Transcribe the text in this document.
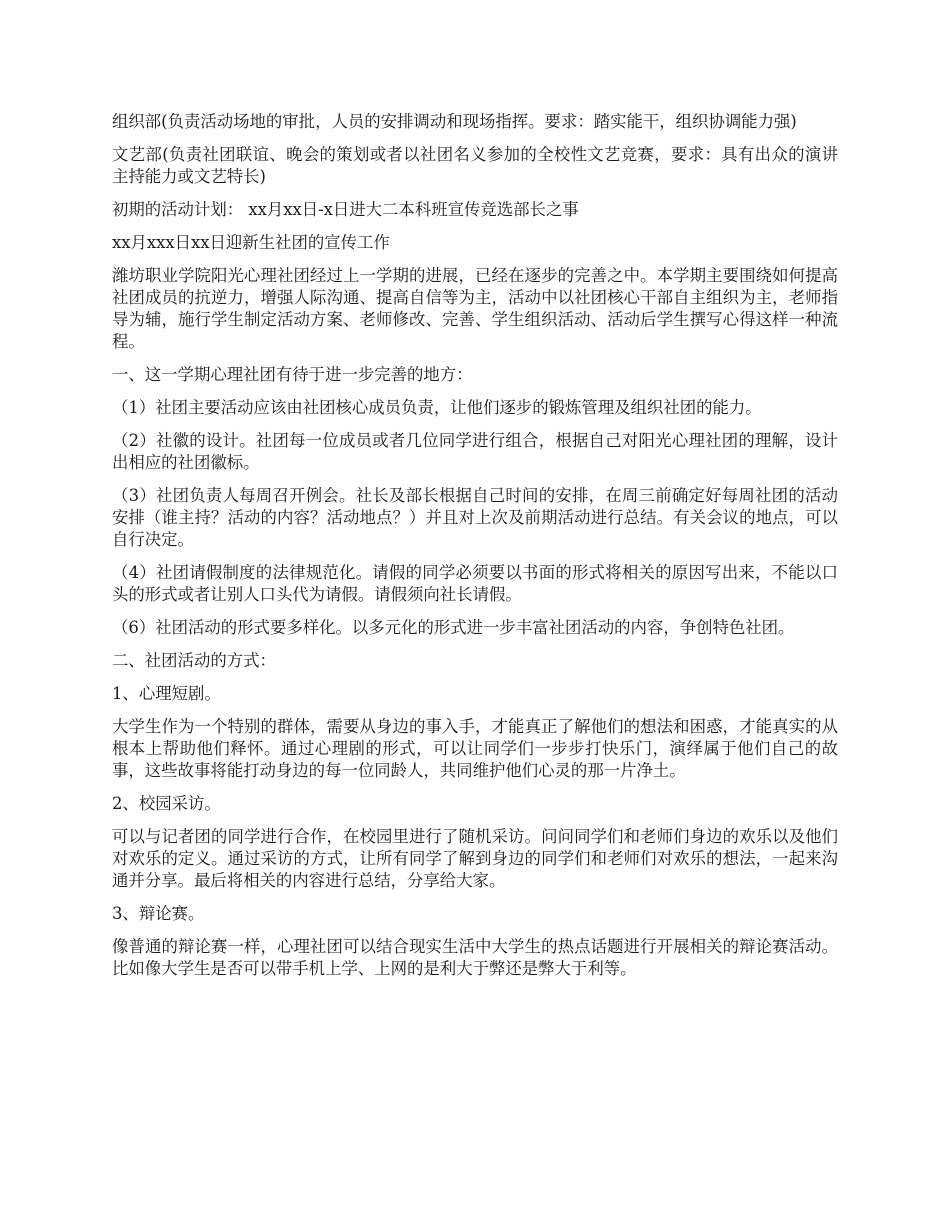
组织部(负责活动场地的审批，人员的安排调动和现场指挥。要求：踏实能干，组织协调能力强)

文艺部(负责社团联谊、晚会的策划或者以社团名义参加的全校性文艺竞赛，要求：具有出众的演讲主持能力或文艺特长)

初期的活动计划： xx月xx日-x日进大二本科班宣传竞选部长之事

xx月xxx日xx日迎新生社团的宣传工作

潍坊职业学院阳光心理社团经过上一学期的进展，已经在逐步的完善之中。本学期主要围绕如何提高社团成员的抗逆力，增强人际沟通、提高自信等为主，活动中以社团核心干部自主组织为主，老师指导为辅，施行学生制定活动方案、老师修改、完善、学生组织活动、活动后学生撰写心得这样一种流程。

一、这一学期心理社团有待于进一步完善的地方：

（1）社团主要活动应该由社团核心成员负责，让他们逐步的锻炼管理及组织社团的能力。

（2）社徽的设计。社团每一位成员或者几位同学进行组合，根据自己对阳光心理社团的理解，设计出相应的社团徽标。

（3）社团负责人每周召开例会。社长及部长根据自己时间的安排，在周三前确定好每周社团的活动安排（谁主持？活动的内容？活动地点？）并且对上次及前期活动进行总结。有关会议的地点，可以自行决定。

（4）社团请假制度的法律规范化。请假的同学必须要以书面的形式将相关的原因写出来，不能以口头的形式或者让别人口头代为请假。请假须向社长请假。

（6）社团活动的形式要多样化。以多元化的形式进一步丰富社团活动的内容，争创特色社团。

二、社团活动的方式：

1、心理短剧。

大学生作为一个特别的群体，需要从身边的事入手，才能真正了解他们的想法和困惑，才能真实的从根本上帮助他们释怀。通过心理剧的形式，可以让同学们一步步打快乐门，演绎属于他们自己的故事，这些故事将能打动身边的每一位同龄人，共同维护他们心灵的那一片净土。

2、校园采访。

可以与记者团的同学进行合作，在校园里进行了随机采访。问问同学们和老师们身边的欢乐以及他们对欢乐的定义。通过采访的方式，让所有同学了解到身边的同学们和老师们对欢乐的想法，一起来沟通并分享。最后将相关的内容进行总结，分享给大家。

3、辩论赛。

像普通的辩论赛一样，心理社团可以结合现实生活中大学生的热点话题进行开展相关的辩论赛活动。比如像大学生是否可以带手机上学、上网的是利大于弊还是弊大于利等。
